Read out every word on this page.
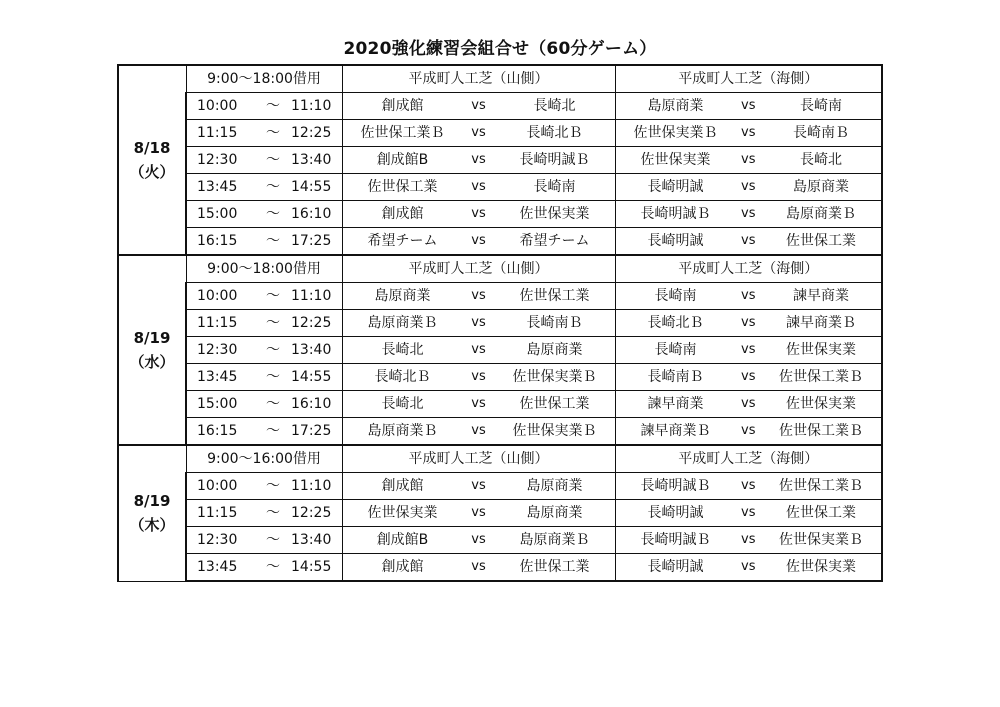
2020強化練習会組合せ（60分ゲーム）
8/18
（火）	9:00〜18:00借用	平成町人工芝（山側）	平成町人工芝（海側）
	10:00 〜 11:10	創成館 vs 長崎北	島原商業 vs 長崎南

	11:15 〜 12:25	佐世保工業Ｂ vs 長崎北Ｂ	佐世保実業Ｂ vs 長崎南Ｂ

	12:30 〜 13:40	創成館B vs 長崎明誠Ｂ	佐世保実業 vs 長崎北

	13:45 〜 14:55	佐世保工業 vs 長崎南	長崎明誠 vs 島原商業

	15:00 〜 16:10	創成館 vs 佐世保実業	長崎明誠Ｂ vs 島原商業Ｂ

	16:15 〜 17:25	希望チーム vs 希望チーム	長崎明誠 vs 佐世保工業

8/19
（水）	9:00〜18:00借用	平成町人工芝（山側）	平成町人工芝（海側）
	10:00 〜 11:10	島原商業 vs 佐世保工業	長崎南 vs 諫早商業

	11:15 〜 12:25	島原商業Ｂ vs 長崎南Ｂ	長崎北Ｂ vs 諫早商業Ｂ

	12:30 〜 13:40	長崎北 vs 島原商業	長崎南 vs 佐世保実業

	13:45 〜 14:55	長崎北Ｂ vs 佐世保実業Ｂ	長崎南Ｂ vs 佐世保工業Ｂ

	15:00 〜 16:10	長崎北 vs 佐世保工業	諫早商業 vs 佐世保実業

	16:15 〜 17:25	島原商業Ｂ vs 佐世保実業Ｂ	諫早商業Ｂ vs 佐世保工業Ｂ

8/19
（木）	9:00〜16:00借用	平成町人工芝（山側）	平成町人工芝（海側）
	10:00 〜 11:10	創成館 vs 島原商業	長崎明誠Ｂ vs 佐世保工業Ｂ

	11:15 〜 12:25	佐世保実業 vs 島原商業	長崎明誠 vs 佐世保工業

	12:30 〜 13:40	創成館B vs 島原商業Ｂ	長崎明誠Ｂ vs 佐世保実業Ｂ

	13:45 〜 14:55	創成館 vs 佐世保工業	長崎明誠 vs 佐世保実業
